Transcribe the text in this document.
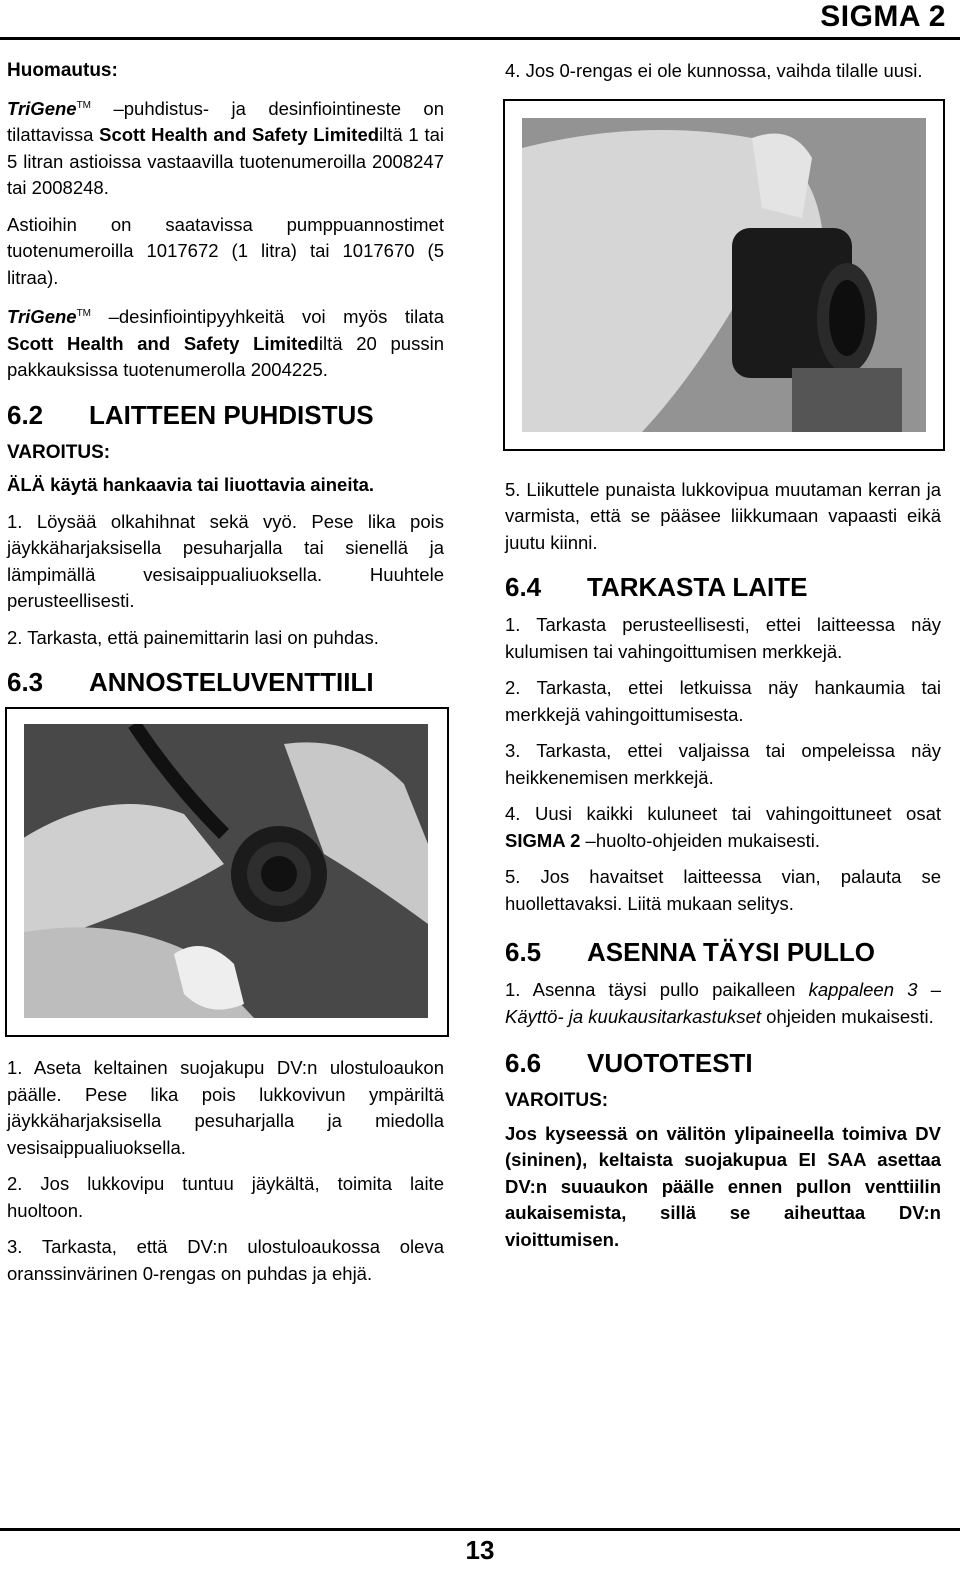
SIGMA 2
Huomautus:

TriGene™ –puhdistus- ja desinfiointineste on tilattavissa Scott Health and Safety Limitediltä 1 tai 5 litran astioissa vastaavilla tuotenumeroilla 2008247 tai 2008248.

Astioihin on saatavissa pumppuannostimet tuotenumeroilla 1017672 (1 litra) tai 1017670 (5 litraa).

TriGene™ –desinfiointipyyhkeitä voi myös tilata Scott Health and Safety Limitediltä 20 pussin pakkauksissa tuotenumerolla 2004225.

6.2 LAITTEEN PUHDISTUS
VAROITUS:

ÄLÄ käytä hankaavia tai liuottavia aineita.

1. Löysää olkahihnat sekä vyö. Pese lika pois jäykkäharjaksisella pesuharjalla tai sienellä ja lämpimällä vesisaippualiuoksella. Huuhtele perusteellisesti.

2. Tarkasta, että painemittarin lasi on puhdas.

6.3 ANNOSTELUVENTTIILI

1. Aseta keltainen suojakupu DV:n ulostuloaukon päälle. Pese lika pois lukkovivun ympäriltä jäykkäharjaksisella pesuharjalla ja miedolla vesisaippualiuoksella.

2. Jos lukkovipu tuntuu jäykältä, toimita laite huoltoon.

3. Tarkasta, että DV:n ulostuloaukossa oleva oranssinvärinen 0-rengas on puhdas ja ehjä.

4. Jos 0-rengas ei ole kunnossa, vaihda tilalle uusi.

5. Liikuttele punaista lukkovipua muutaman kerran ja varmista, että se pääsee liikkumaan vapaasti eikä juutu kiinni.

6.4 TARKASTA LAITE

1. Tarkasta perusteellisesti, ettei laitteessa näy kulumisen tai vahingoittumisen merkkejä.

2. Tarkasta, ettei letkuissa näy hankaumia tai merkkejä vahingoittumisesta.

3. Tarkasta, ettei valjaissa tai ompeleissa näy heikkenemisen merkkejä.

4. Uusi kaikki kuluneet tai vahingoittuneet osat SIGMA 2 –huolto-ohjeiden mukaisesti.

5. Jos havaitset laitteessa vian, palauta se huollettavaksi. Liitä mukaan selitys.

6.5 ASENNA TÄYSI PULLO

1. Asenna täysi pullo paikalleen kappaleen 3 – Käyttö- ja kuukausitarkastukset ohjeiden mukaisesti.

6.6 VUOTOTESTI
VAROITUS:

Jos kyseessä on välitön ylipaineella toimiva DV (sininen), keltaista suojakupua EI SAA asettaa DV:n suuaukon päälle ennen pullon venttiilin aukaisemista, sillä se aiheuttaa DV:n vioittumisen.

13
